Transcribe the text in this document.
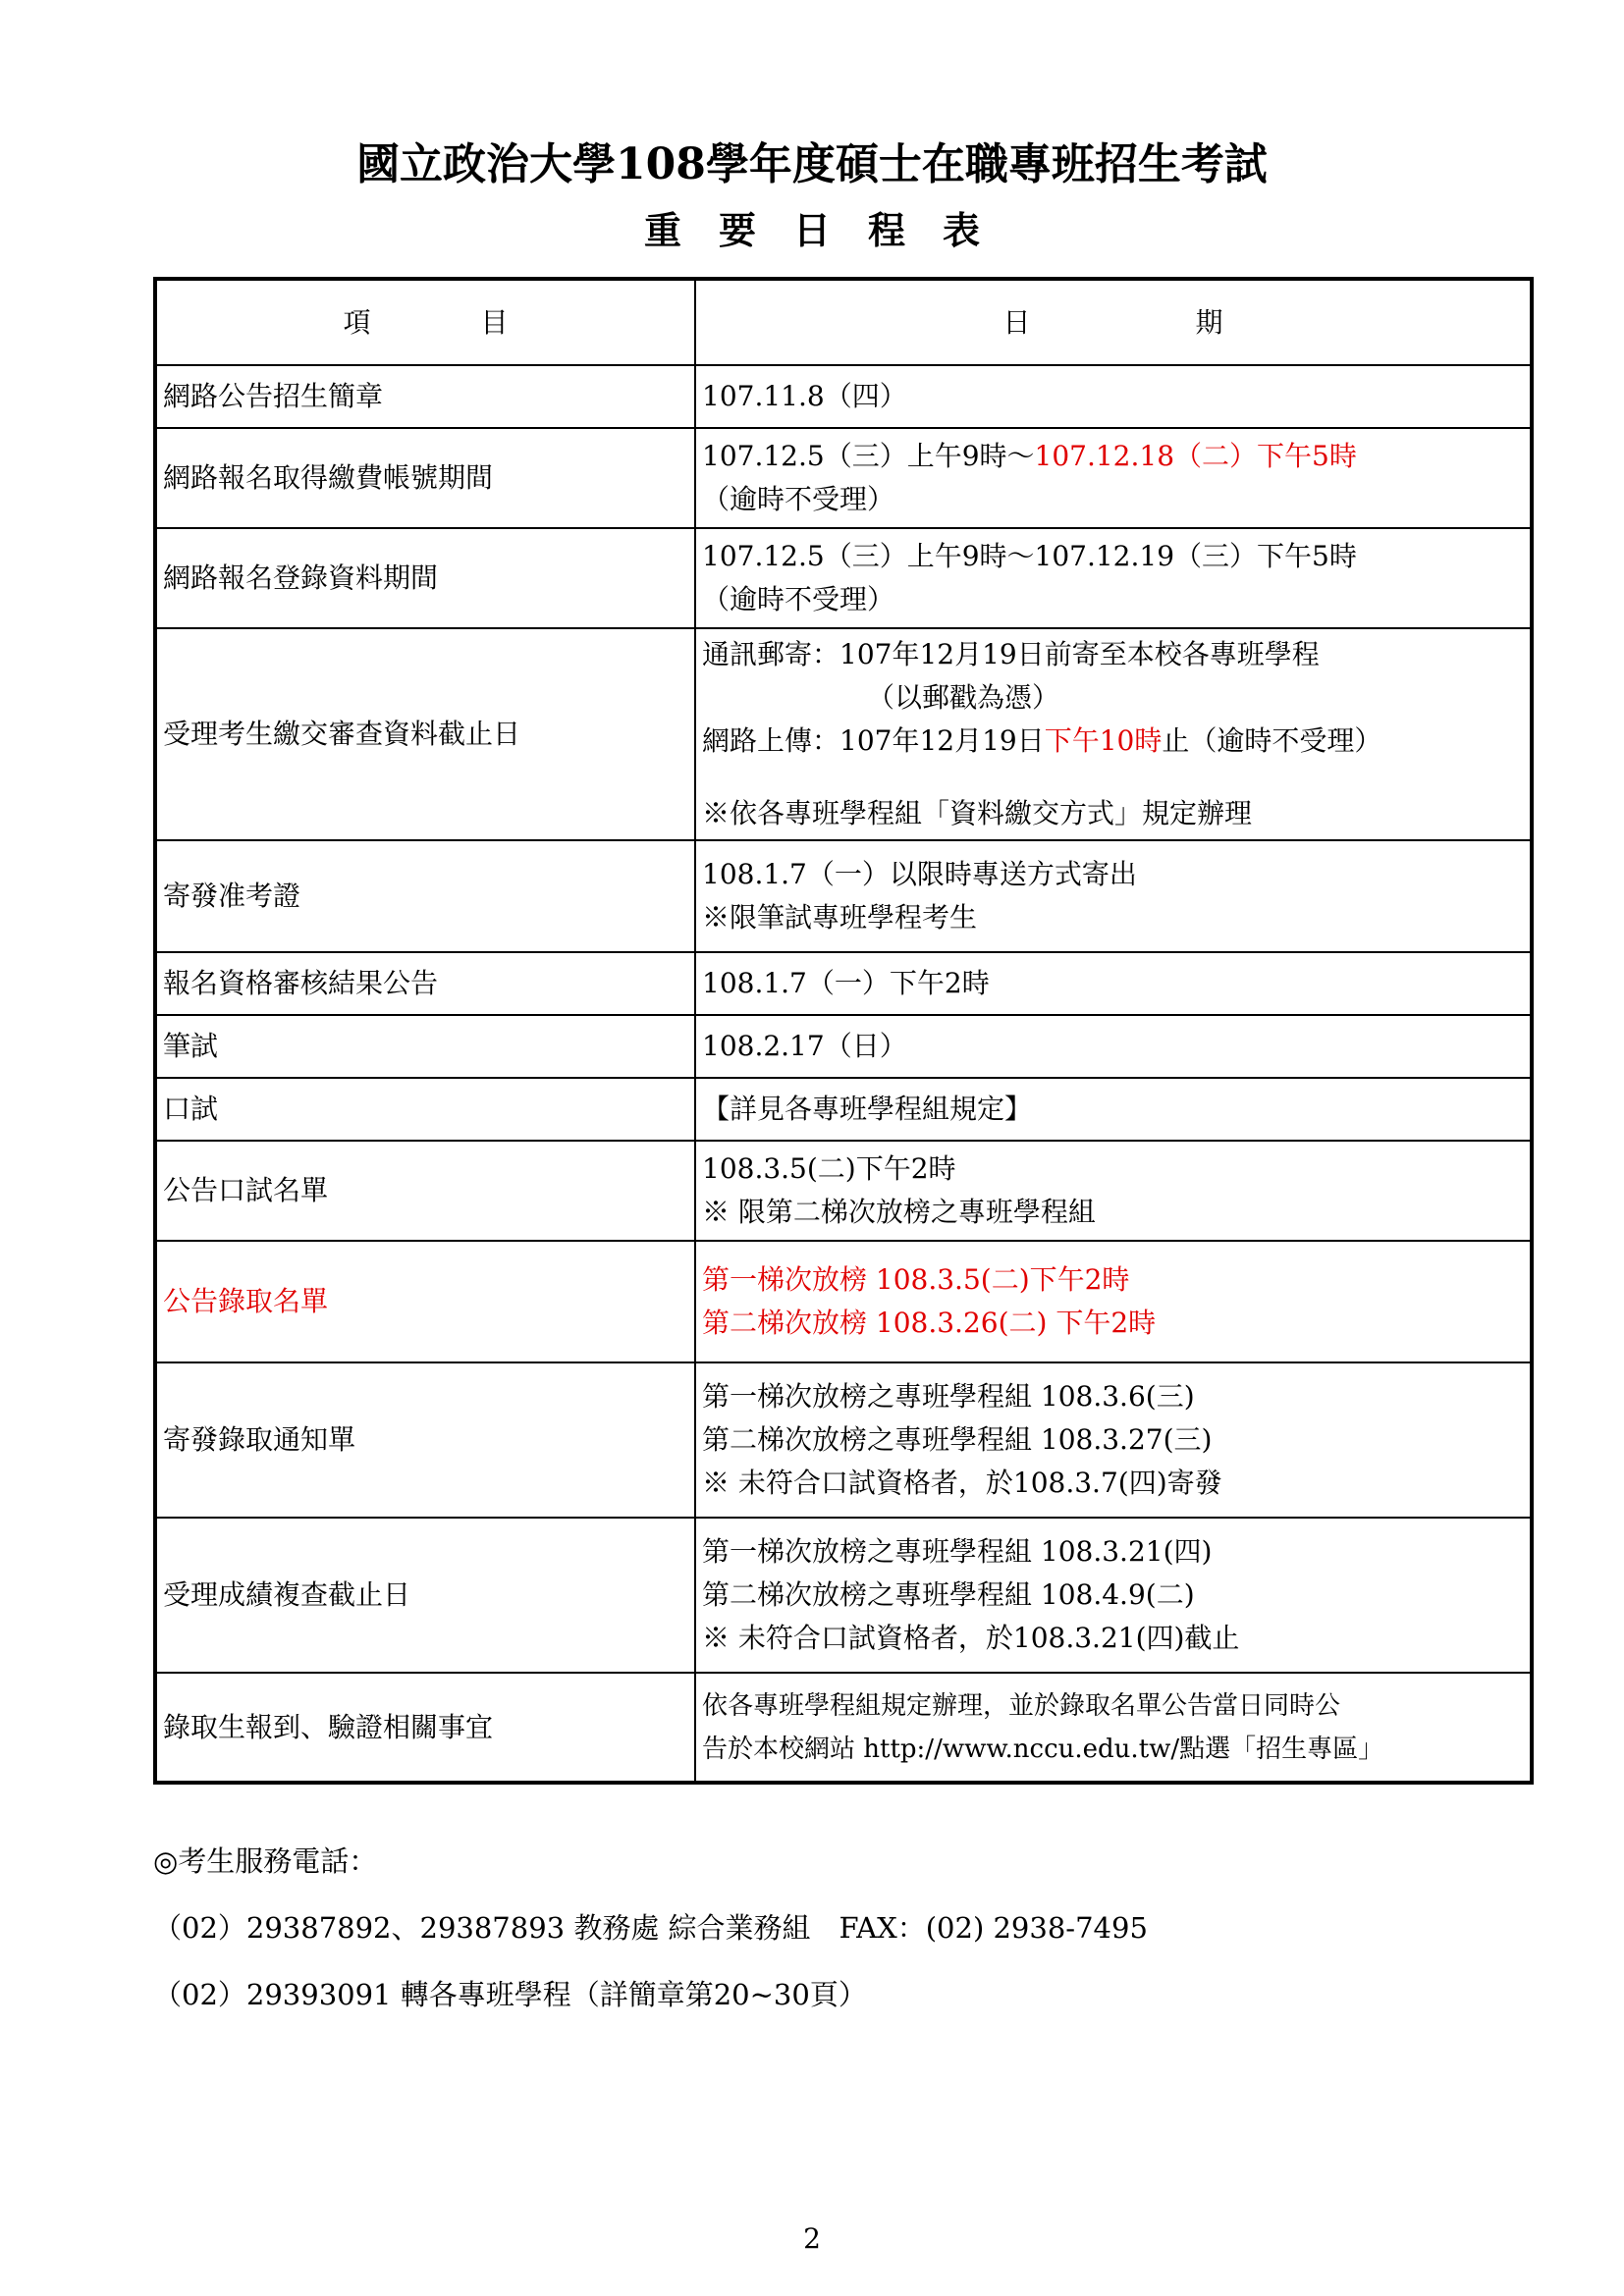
國立政治大學108學年度碩士在職專班招生考試
重　要　日　程　表
項　　　　目	日　　　　　　期
網路公告招生簡章	107.11.8（四）
網路報名取得繳費帳號期間	107.12.5（三）上午9時～107.12.18（二）下午5時
（逾時不受理）

網路報名登錄資料期間	107.12.5（三）上午9時～107.12.19（三）下午5時
（逾時不受理）

受理考生繳交審查資料截止日	通訊郵寄：107年12月19日前寄至本校各專班學程
（以郵戳為憑）
網路上傳：107年12月19日下午10時止（逾時不受理）
※依各專班學程組「資料繳交方式」規定辦理

寄發准考證	108.1.7（一）以限時專送方式寄出
※限筆試專班學程考生

報名資格審核結果公告	108.1.7（一）下午2時
筆試	108.2.17（日）
口試	【詳見各專班學程組規定】
公告口試名單	108.3.5(二)下午2時
※ 限第二梯次放榜之專班學程組

公告錄取名單	第一梯次放榜 108.3.5(二)下午2時
第二梯次放榜 108.3.26(二) 下午2時

寄發錄取通知單	第一梯次放榜之專班學程組 108.3.6(三)
第二梯次放榜之專班學程組 108.3.27(三)
※ 未符合口試資格者，於108.3.7(四)寄發

受理成績複查截止日	第一梯次放榜之專班學程組 108.3.21(四)
第二梯次放榜之專班學程組 108.4.9(二)
※ 未符合口試資格者，於108.3.21(四)截止

錄取生報到、驗證相關事宜	依各專班學程組規定辦理，並於錄取名單公告當日同時公
告於本校網站 http://www.nccu.edu.tw/點選「招生專區」
◎考生服務電話：
（02）29387892、29387893 教務處 綜合業務組　FAX：(02) 2938-7495
（02）29393091 轉各專班學程（詳簡章第20~30頁）
2
